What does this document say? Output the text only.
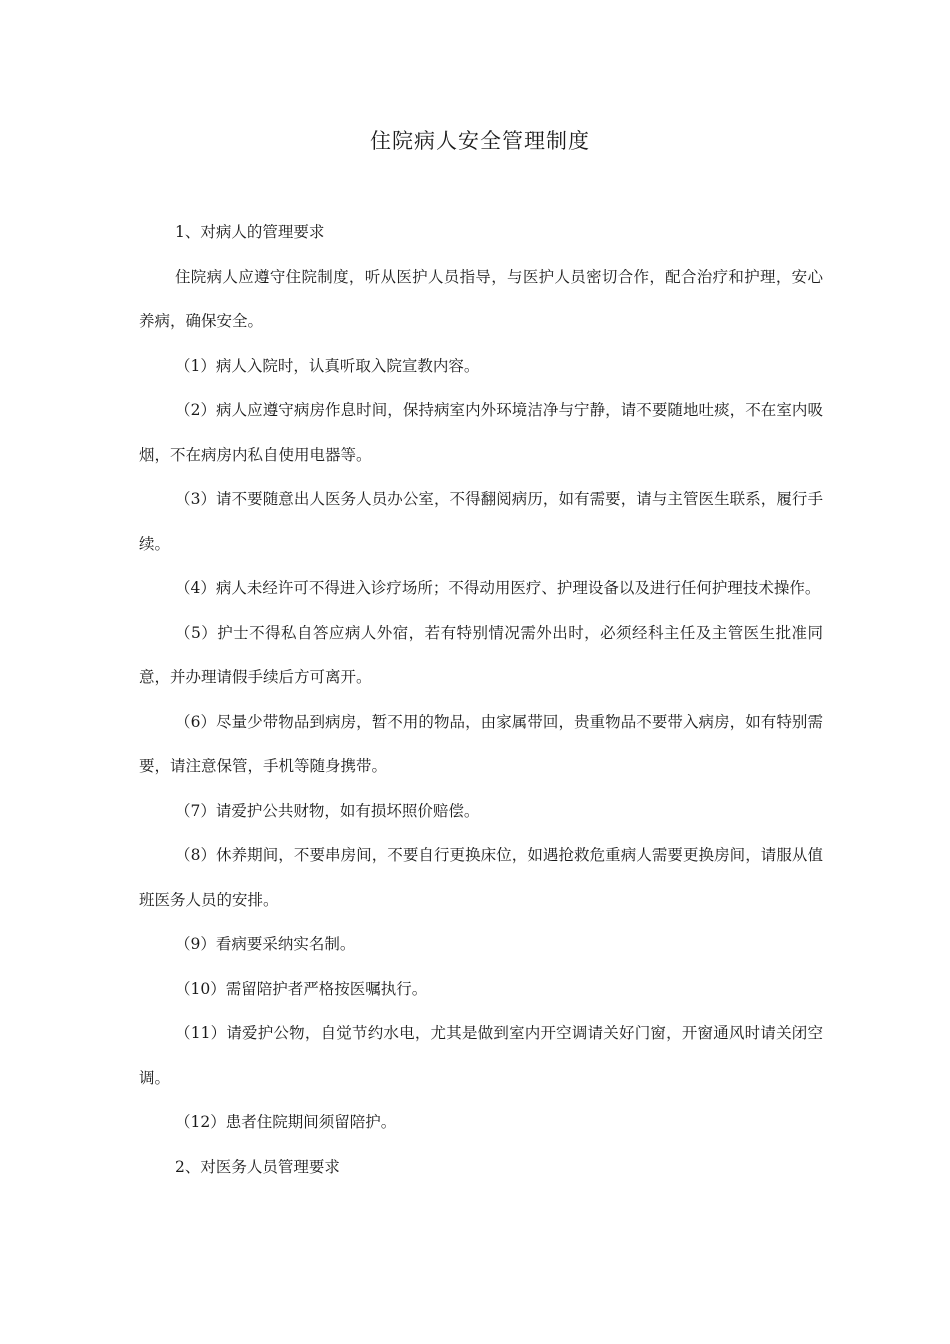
住院病人安全管理制度

1、对病人的管理要求

住院病人应遵守住院制度，听从医护人员指导，与医护人员密切合作，配合治疗和护理，安心养病，确保安全。

（1）病人入院时，认真听取入院宣教内容。

（2）病人应遵守病房作息时间，保持病室内外环境洁净与宁静，请不要随地吐痰，不在室内吸烟，不在病房内私自使用电器等。

（3）请不要随意出人医务人员办公室，不得翻阅病历，如有需要，请与主管医生联系，履行手续。

（4）病人未经许可不得进入诊疗场所；不得动用医疗、护理设备以及进行任何护理技术操作。

（5）护士不得私自答应病人外宿，若有特别情况需外出时，必须经科主任及主管医生批准同意，并办理请假手续后方可离开。

（6）尽量少带物品到病房，暂不用的物品，由家属带回，贵重物品不要带入病房，如有特别需要，请注意保管，手机等随身携带。

（7）请爱护公共财物，如有损坏照价赔偿。

（8）休养期间，不要串房间，不要自行更换床位，如遇抢救危重病人需要更换房间，请服从值班医务人员的安排。

（9）看病要采纳实名制。

（10）需留陪护者严格按医嘱执行。

（11）请爱护公物，自觉节约水电，尤其是做到室内开空调请关好门窗，开窗通风时请关闭空调。

（12）患者住院期间须留陪护。

2、对医务人员管理要求
